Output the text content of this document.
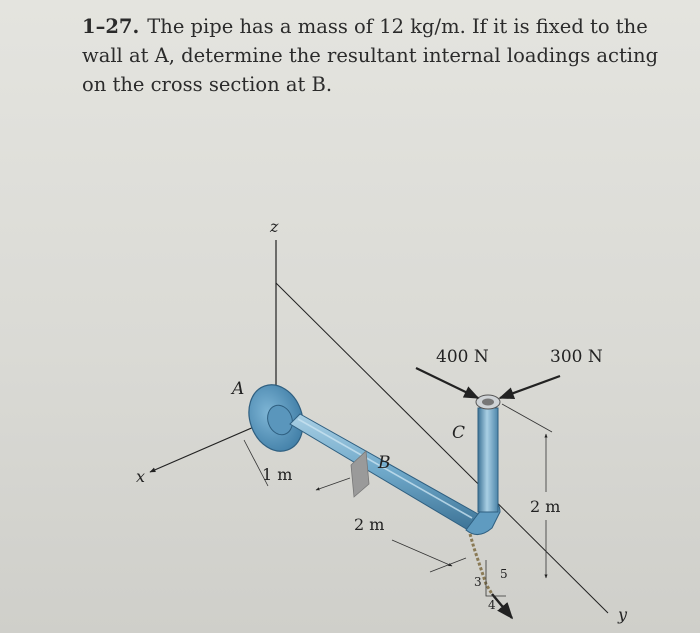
1–27. The pipe has a mass of 12 kg/m. If it is fixed to the wall at A, determine the resultant internal loadings acting on the cross section at B.
z
x
y
A
B
C
400 N	300 N
3
4
5
1 m
2 m
2 m
